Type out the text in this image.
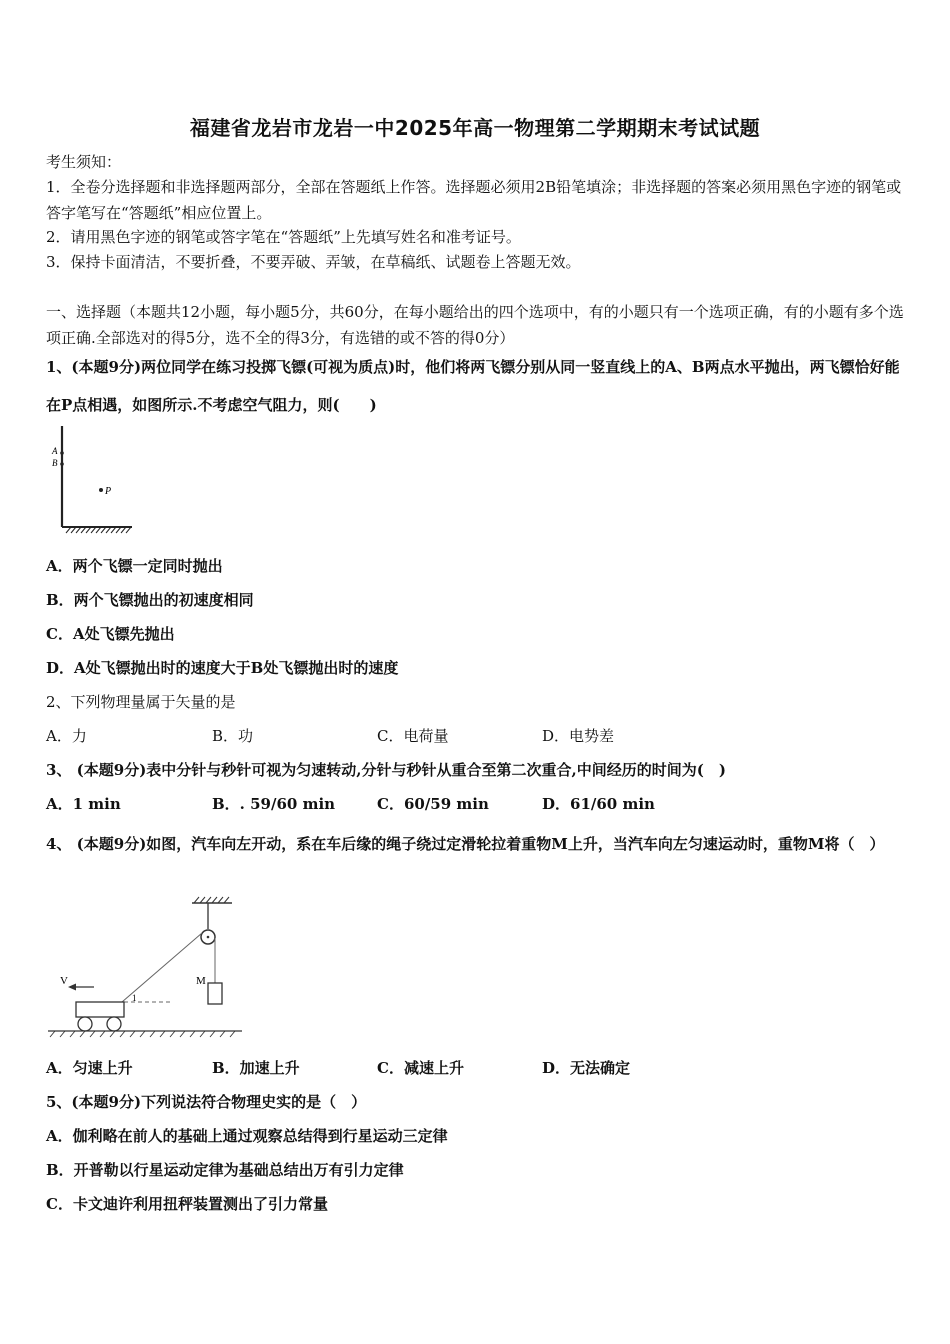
福建省龙岩市龙岩一中2025年高一物理第二学期期末考试试题
考生须知：
1．全卷分选择题和非选择题两部分，全部在答题纸上作答。选择题必须用2B铅笔填涂；非选择题的答案必须用黑色字迹的钢笔或答字笔写在“答题纸”相应位置上。
2．请用黑色字迹的钢笔或答字笔在“答题纸”上先填写姓名和准考证号。
3．保持卡面清洁，不要折叠，不要弄破、弄皱，在草稿纸、试题卷上答题无效。
一、选择题（本题共12小题，每小题5分，共60分，在每小题给出的四个选项中，有的小题只有一个选项正确，有的小题有多个选项正确.全部选对的得5分，选不全的得3分，有选错的或不答的得0分）
1、(本题9分)两位同学在练习投掷飞镖(可视为质点)时，他们将两飞镖分别从同一竖直线上的A、B两点水平抛出，两飞镖恰好能在P点相遇，如图所示.不考虑空气阻力，则(　　)
A
B
P
A．两个飞镖一定同时抛出
B．两个飞镖抛出的初速度相同
C．A处飞镖先抛出
D．A处飞镖抛出时的速度大于B处飞镖抛出时的速度
2、下列物理量属于矢量的是
A．力	B．功	C．电荷量	D．电势差
3、 (本题9分)表中分针与秒针可视为匀速转动,分针与秒针从重合至第二次重合,中间经历的时间为(　)
A．1 min	B．. 59/60 min	C．60/59 min	D．61/60 min
4、 (本题9分)如图，汽车向左开动，系在车后缘的绳子绕过定滑轮拉着重物M上升，当汽车向左匀速运动时，重物M将（　）
M
1
V
A．匀速上升	B．加速上升	C．减速上升	D．无法确定
5、(本题9分)下列说法符合物理史实的是（　）
A．伽利略在前人的基础上通过观察总结得到行星运动三定律
B．开普勒以行星运动定律为基础总结出万有引力定律
C．卡文迪许利用扭秤装置测出了引力常量
